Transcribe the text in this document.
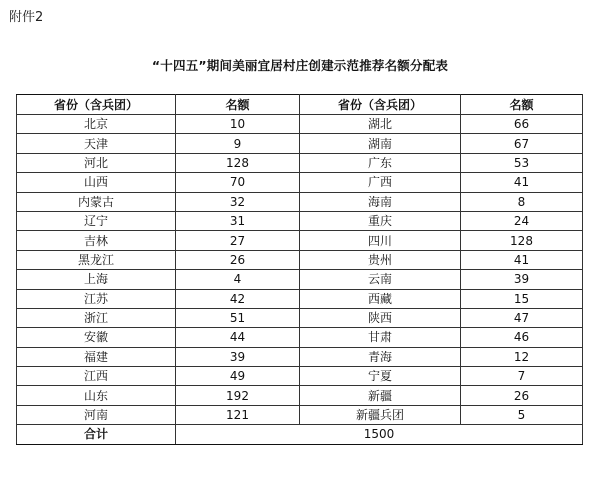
附件2
“十四五”期间美丽宜居村庄创建示范推荐名额分配表
省份（含兵团）	名额	省份（含兵团）	名额
北京	10	湖北	66
天津	9	湖南	67
河北	128	广东	53
山西	70	广西	41
内蒙古	32	海南	8
辽宁	31	重庆	24
吉林	27	四川	128
黑龙江	26	贵州	41
上海	4	云南	39
江苏	42	西藏	15
浙江	51	陕西	47
安徽	44	甘肃	46
福建	39	青海	12
江西	49	宁夏	7
山东	192	新疆	26
河南	121	新疆兵团	5
合计	1500		
